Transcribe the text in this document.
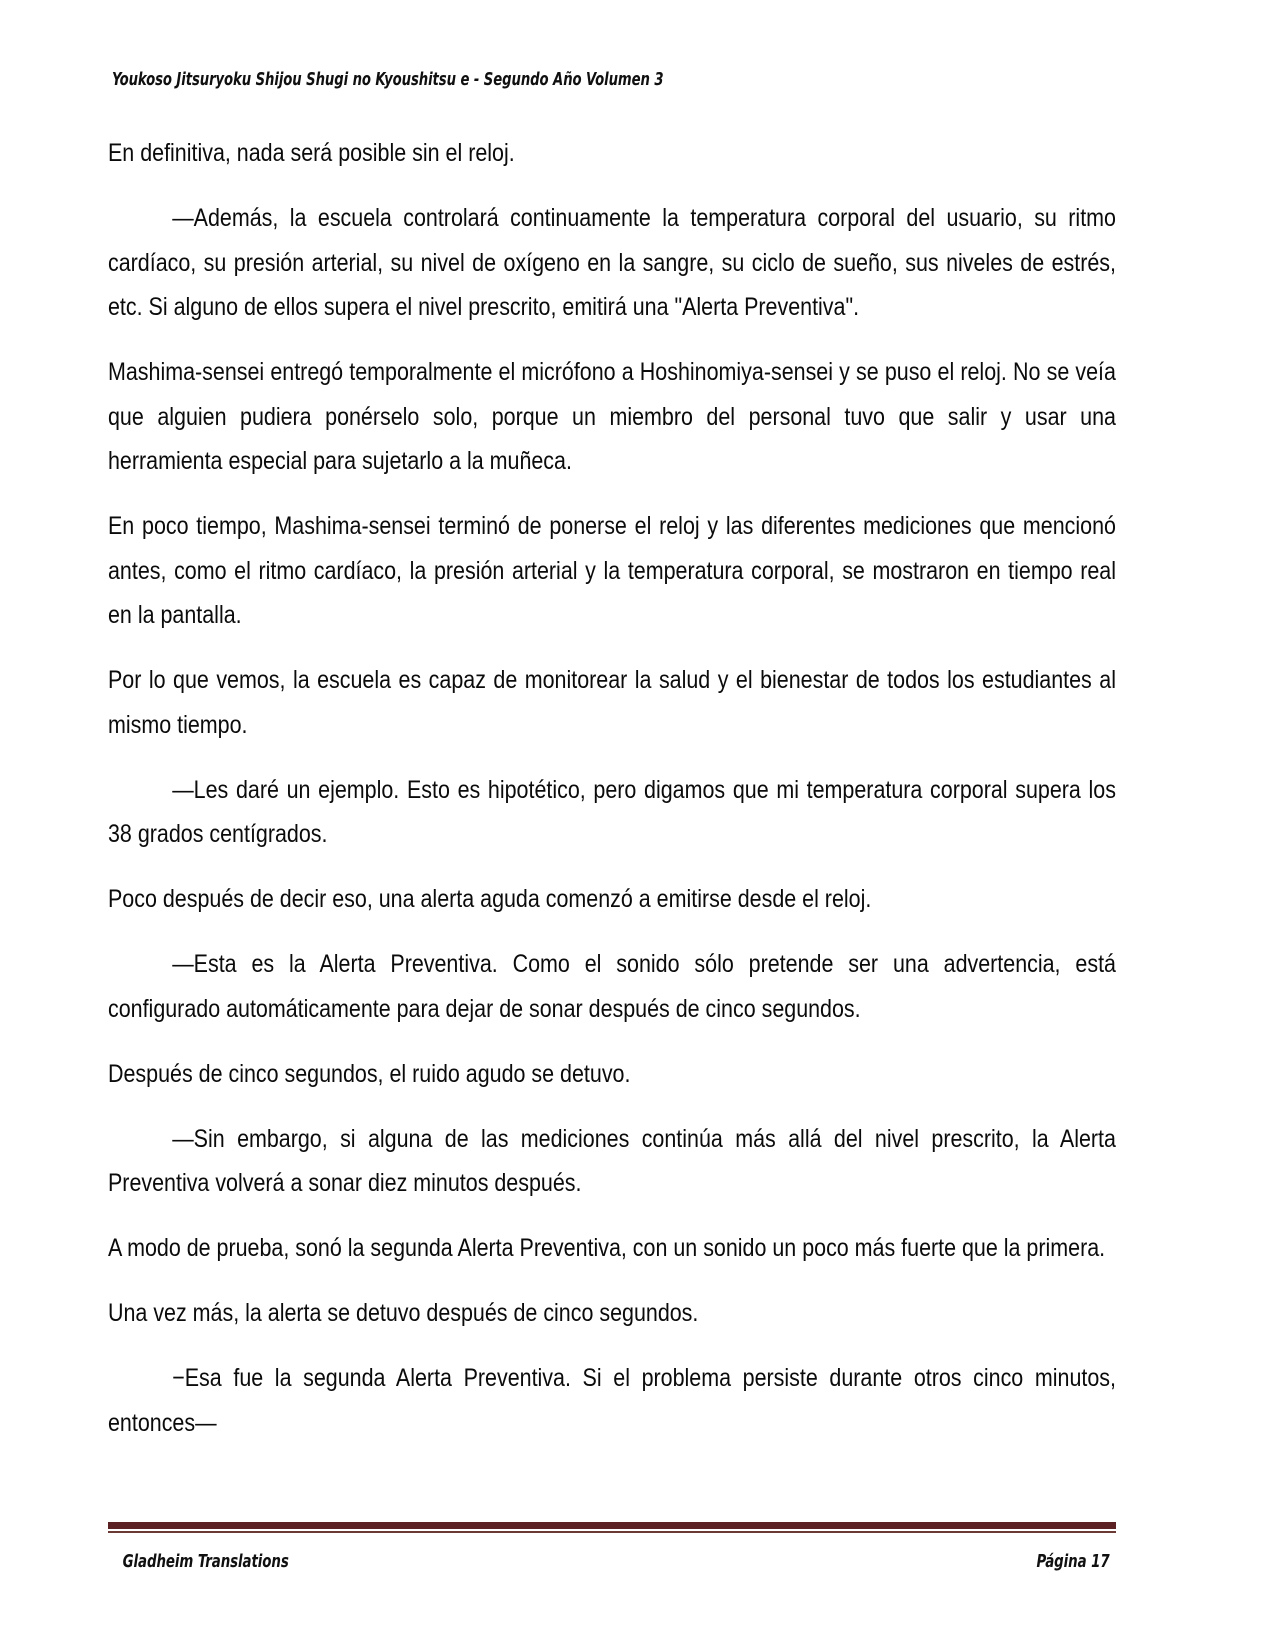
Youkoso Jitsuryoku Shijou Shugi no Kyoushitsu e - Segundo Año Volumen 3

En definitiva, nada será posible sin el reloj.

—Además, la escuela controlará continuamente la temperatura corporal del usuario, su ritmo cardíaco, su presión arterial, su nivel de oxígeno en la sangre, su ciclo de sueño, sus niveles de estrés, etc. Si alguno de ellos supera el nivel prescrito, emitirá una "Alerta Preventiva".

Mashima-sensei entregó temporalmente el micrófono a Hoshinomiya-sensei y se puso el reloj. No se veía que alguien pudiera ponérselo solo, porque un miembro del personal tuvo que salir y usar una herramienta especial para sujetarlo a la muñeca.

En poco tiempo, Mashima-sensei terminó de ponerse el reloj y las diferentes mediciones que mencionó antes, como el ritmo cardíaco, la presión arterial y la temperatura corporal, se mostraron en tiempo real en la pantalla.

Por lo que vemos, la escuela es capaz de monitorear la salud y el bienestar de todos los estudiantes al mismo tiempo.

—Les daré un ejemplo. Esto es hipotético, pero digamos que mi temperatura corporal supera los 38 grados centígrados.

Poco después de decir eso, una alerta aguda comenzó a emitirse desde el reloj.

—Esta es la Alerta Preventiva. Como el sonido sólo pretende ser una advertencia, está configurado automáticamente para dejar de sonar después de cinco segundos.

Después de cinco segundos, el ruido agudo se detuvo.

—Sin embargo, si alguna de las mediciones continúa más allá del nivel prescrito, la Alerta Preventiva volverá a sonar diez minutos después.

A modo de prueba, sonó la segunda Alerta Preventiva, con un sonido un poco más fuerte que la primera.

Una vez más, la alerta se detuvo después de cinco segundos.

−Esa fue la segunda Alerta Preventiva. Si el problema persiste durante otros cinco minutos, entonces—

Gladheim Translations	Página 17
